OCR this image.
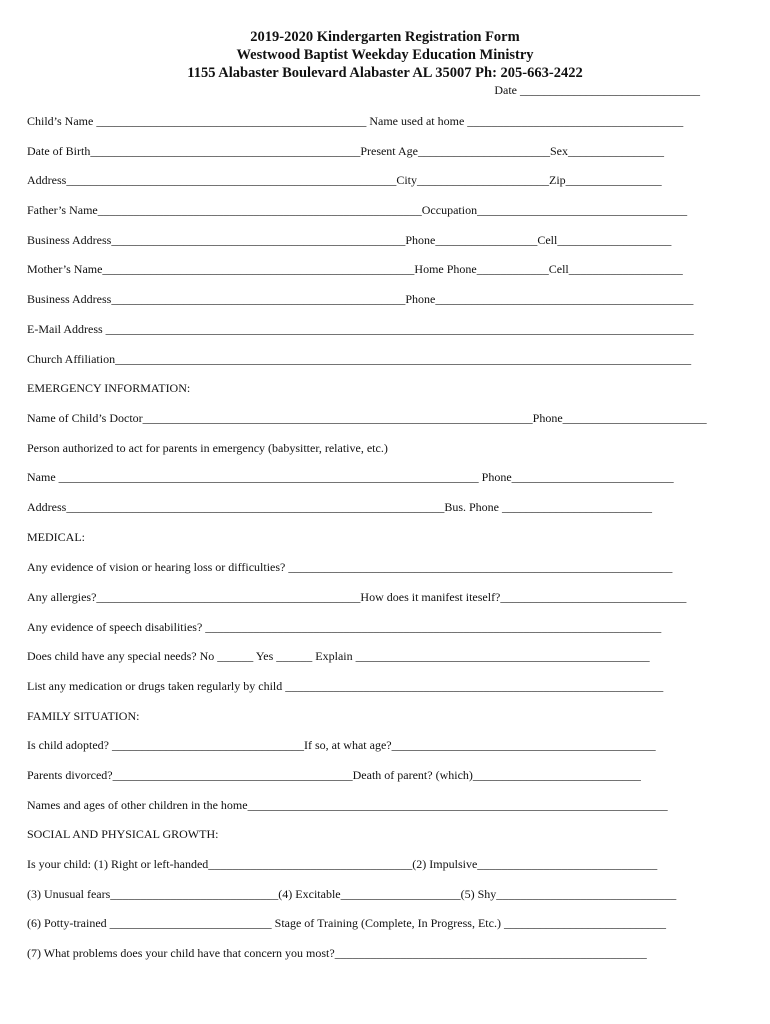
2019-2020 Kindergarten Registration Form
Westwood Baptist Weekday Education Ministry
1155 Alabaster Boulevard Alabaster AL 35007 Ph: 205-663-2422
Date ______________________________
Child’s Name _____________________________________________ Name used at home ____________________________________
Date of Birth_____________________________________________Present Age______________________Sex________________
Address_______________________________________________________City______________________Zip________________
Father’s Name______________________________________________________Occupation___________________________________
Business Address_________________________________________________Phone_________________Cell___________________
Mother’s Name____________________________________________________Home Phone____________Cell___________________
Business Address_________________________________________________Phone___________________________________________
E-Mail Address __________________________________________________________________________________________________
Church Affiliation________________________________________________________________________________________________
EMERGENCY INFORMATION:
Name of Child’s Doctor_________________________________________________________________Phone________________________
Person authorized to act for parents in emergency (babysitter, relative, etc.)
Name ______________________________________________________________________ Phone___________________________
Address_______________________________________________________________Bus. Phone _________________________
MEDICAL:
Any evidence of vision or hearing loss or difficulties? ________________________________________________________________
Any allergies?____________________________________________How does it manifest iteself?_______________________________
Any evidence of speech disabilities? ____________________________________________________________________________
Does child have any special needs? No ______ Yes ______ Explain _________________________________________________
List any medication or drugs taken regularly by child _______________________________________________________________
FAMILY SITUATION:
Is child adopted? ________________________________If so, at what age?____________________________________________
Parents divorced?________________________________________Death of parent? (which)____________________________
Names and ages of other children in the home______________________________________________________________________
SOCIAL AND PHYSICAL GROWTH:
Is your child: (1) Right or left-handed__________________________________(2) Impulsive______________________________
(3) Unusual fears____________________________(4) Excitable____________________(5) Shy______________________________
(6) Potty-trained ___________________________ Stage of Training (Complete, In Progress, Etc.) ___________________________
(7) What problems does your child have that concern you most?____________________________________________________
